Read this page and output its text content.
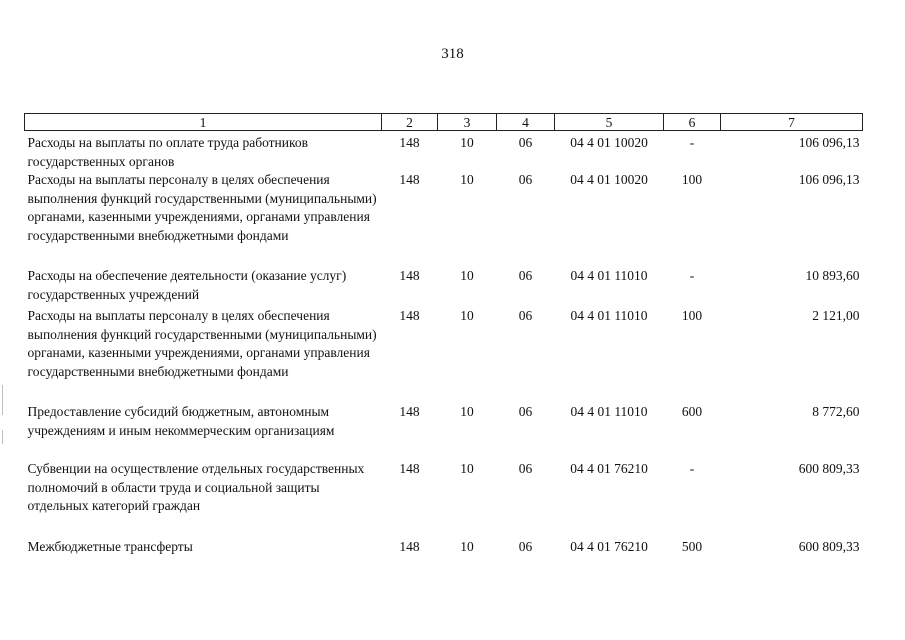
318
1	2	3	4	5	6	7
Расходы на выплаты по оплате труда работников государственных органов	148	10	06	04 4 01 10020	-	106 096,13
Расходы на выплаты персоналу в целях обеспечения выполнения функций государственными (муниципальными) органами, казенными учреждениями, органами управления государственными внебюджетными фондами	148	10	06	04 4 01 10020	100	106 096,13
Расходы на обеспечение деятельности (оказание услуг) государственных учреждений	148	10	06	04 4 01 11010	-	10 893,60
Расходы на выплаты персоналу в целях обеспечения выполнения функций государственными (муниципальными) органами, казенными учреждениями, органами управления государственными внебюджетными фондами	148	10	06	04 4 01 11010	100	2 121,00
Предоставление субсидий бюджетным, автономным учреждениям и иным некоммерческим организациям	148	10	06	04 4 01 11010	600	8 772,60
Субвенции на осуществление отдельных государственных полномочий в области труда и социальной защиты отдельных категорий граждан	148	10	06	04 4 01 76210	-	600 809,33
Межбюджетные трансферты	148	10	06	04 4 01 76210	500	600 809,33
